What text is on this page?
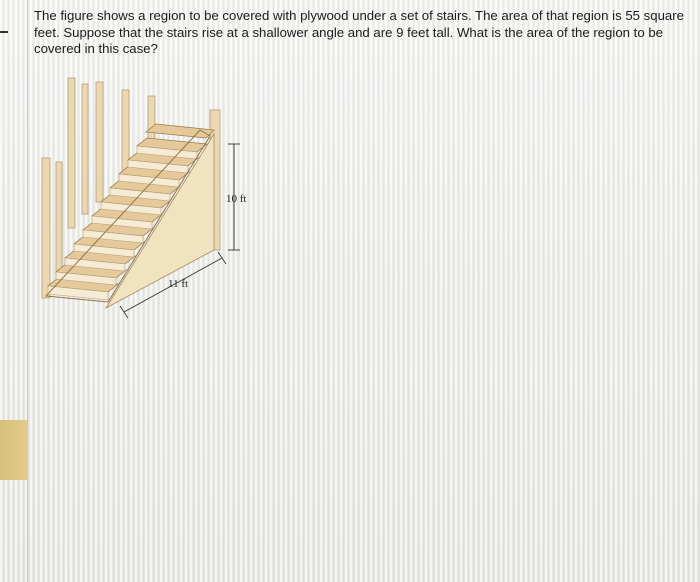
The figure shows a region to be covered with plywood under a set of stairs. The area of that region is 55 square feet. Suppose that the stairs rise at a shallower angle and are 9 feet tall. What is the area of the region to be covered in this case?
10 ft
11 ft
